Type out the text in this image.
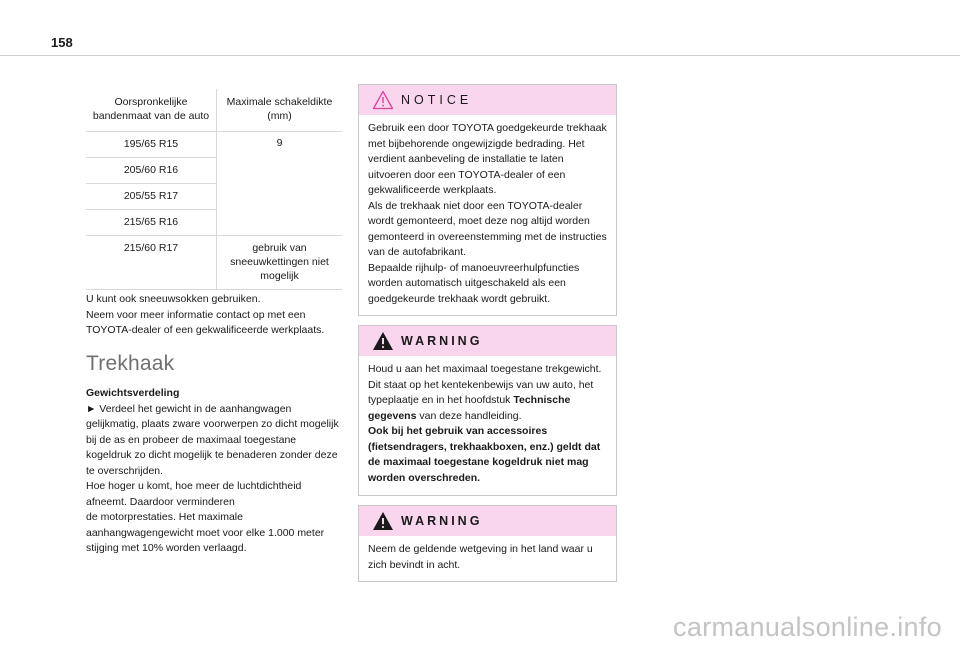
158
Oorspronkelijke bandenmaat van de auto	Maximale schakeldikte (mm)
195/65 R15	9
205/60 R16	
205/55 R17	
215/65 R16	
215/60 R17	gebruik van sneeuwkettingen niet mogelijk
U kunt ook sneeuwsokken gebruiken.
Neem voor meer informatie contact op met een TOYOTA-dealer of een gekwalificeerde werkplaats.
Trekhaak
Gewichtsverdeling
► Verdeel het gewicht in de aanhangwagen gelijkmatig, plaats zware voorwerpen zo dicht mogelijk bij de as en probeer de maximaal toegestane kogeldruk zo dicht mogelijk te benaderen zonder deze te overschrijden.
Hoe hoger u komt, hoe meer de luchtdichtheid afneemt. Daardoor verminderen
de motorprestaties. Het maximale aanhangwagengewicht moet voor elke 1.000 meter stijging met 10% worden verlaagd.
NOTICE
Gebruik een door TOYOTA goedgekeurde trekhaak met bijbehorende ongewijzigde bedrading. Het verdient aanbeveling de installatie te laten uitvoeren door een TOYOTA-dealer of een gekwalificeerde werkplaats.
Als de trekhaak niet door een TOYOTA-dealer wordt gemonteerd, moet deze nog altijd worden gemonteerd in overeenstemming met de instructies van de autofabrikant.
Bepaalde rijhulp- of manoeuvreerhulpfuncties worden automatisch uitgeschakeld als een goedgekeurde trekhaak wordt gebruikt.
WARNING
Houd u aan het maximaal toegestane trekgewicht. Dit staat op het kentekenbewijs van uw auto, het typeplaatje en in het hoofdstuk Technische gegevens van deze handleiding.
Ook bij het gebruik van accessoires (fietsendragers, trekhaakboxen, enz.) geldt dat de maximaal toegestane kogeldruk niet mag worden overschreden.
WARNING
Neem de geldende wetgeving in het land waar u zich bevindt in acht.
carmanualsonline.info
